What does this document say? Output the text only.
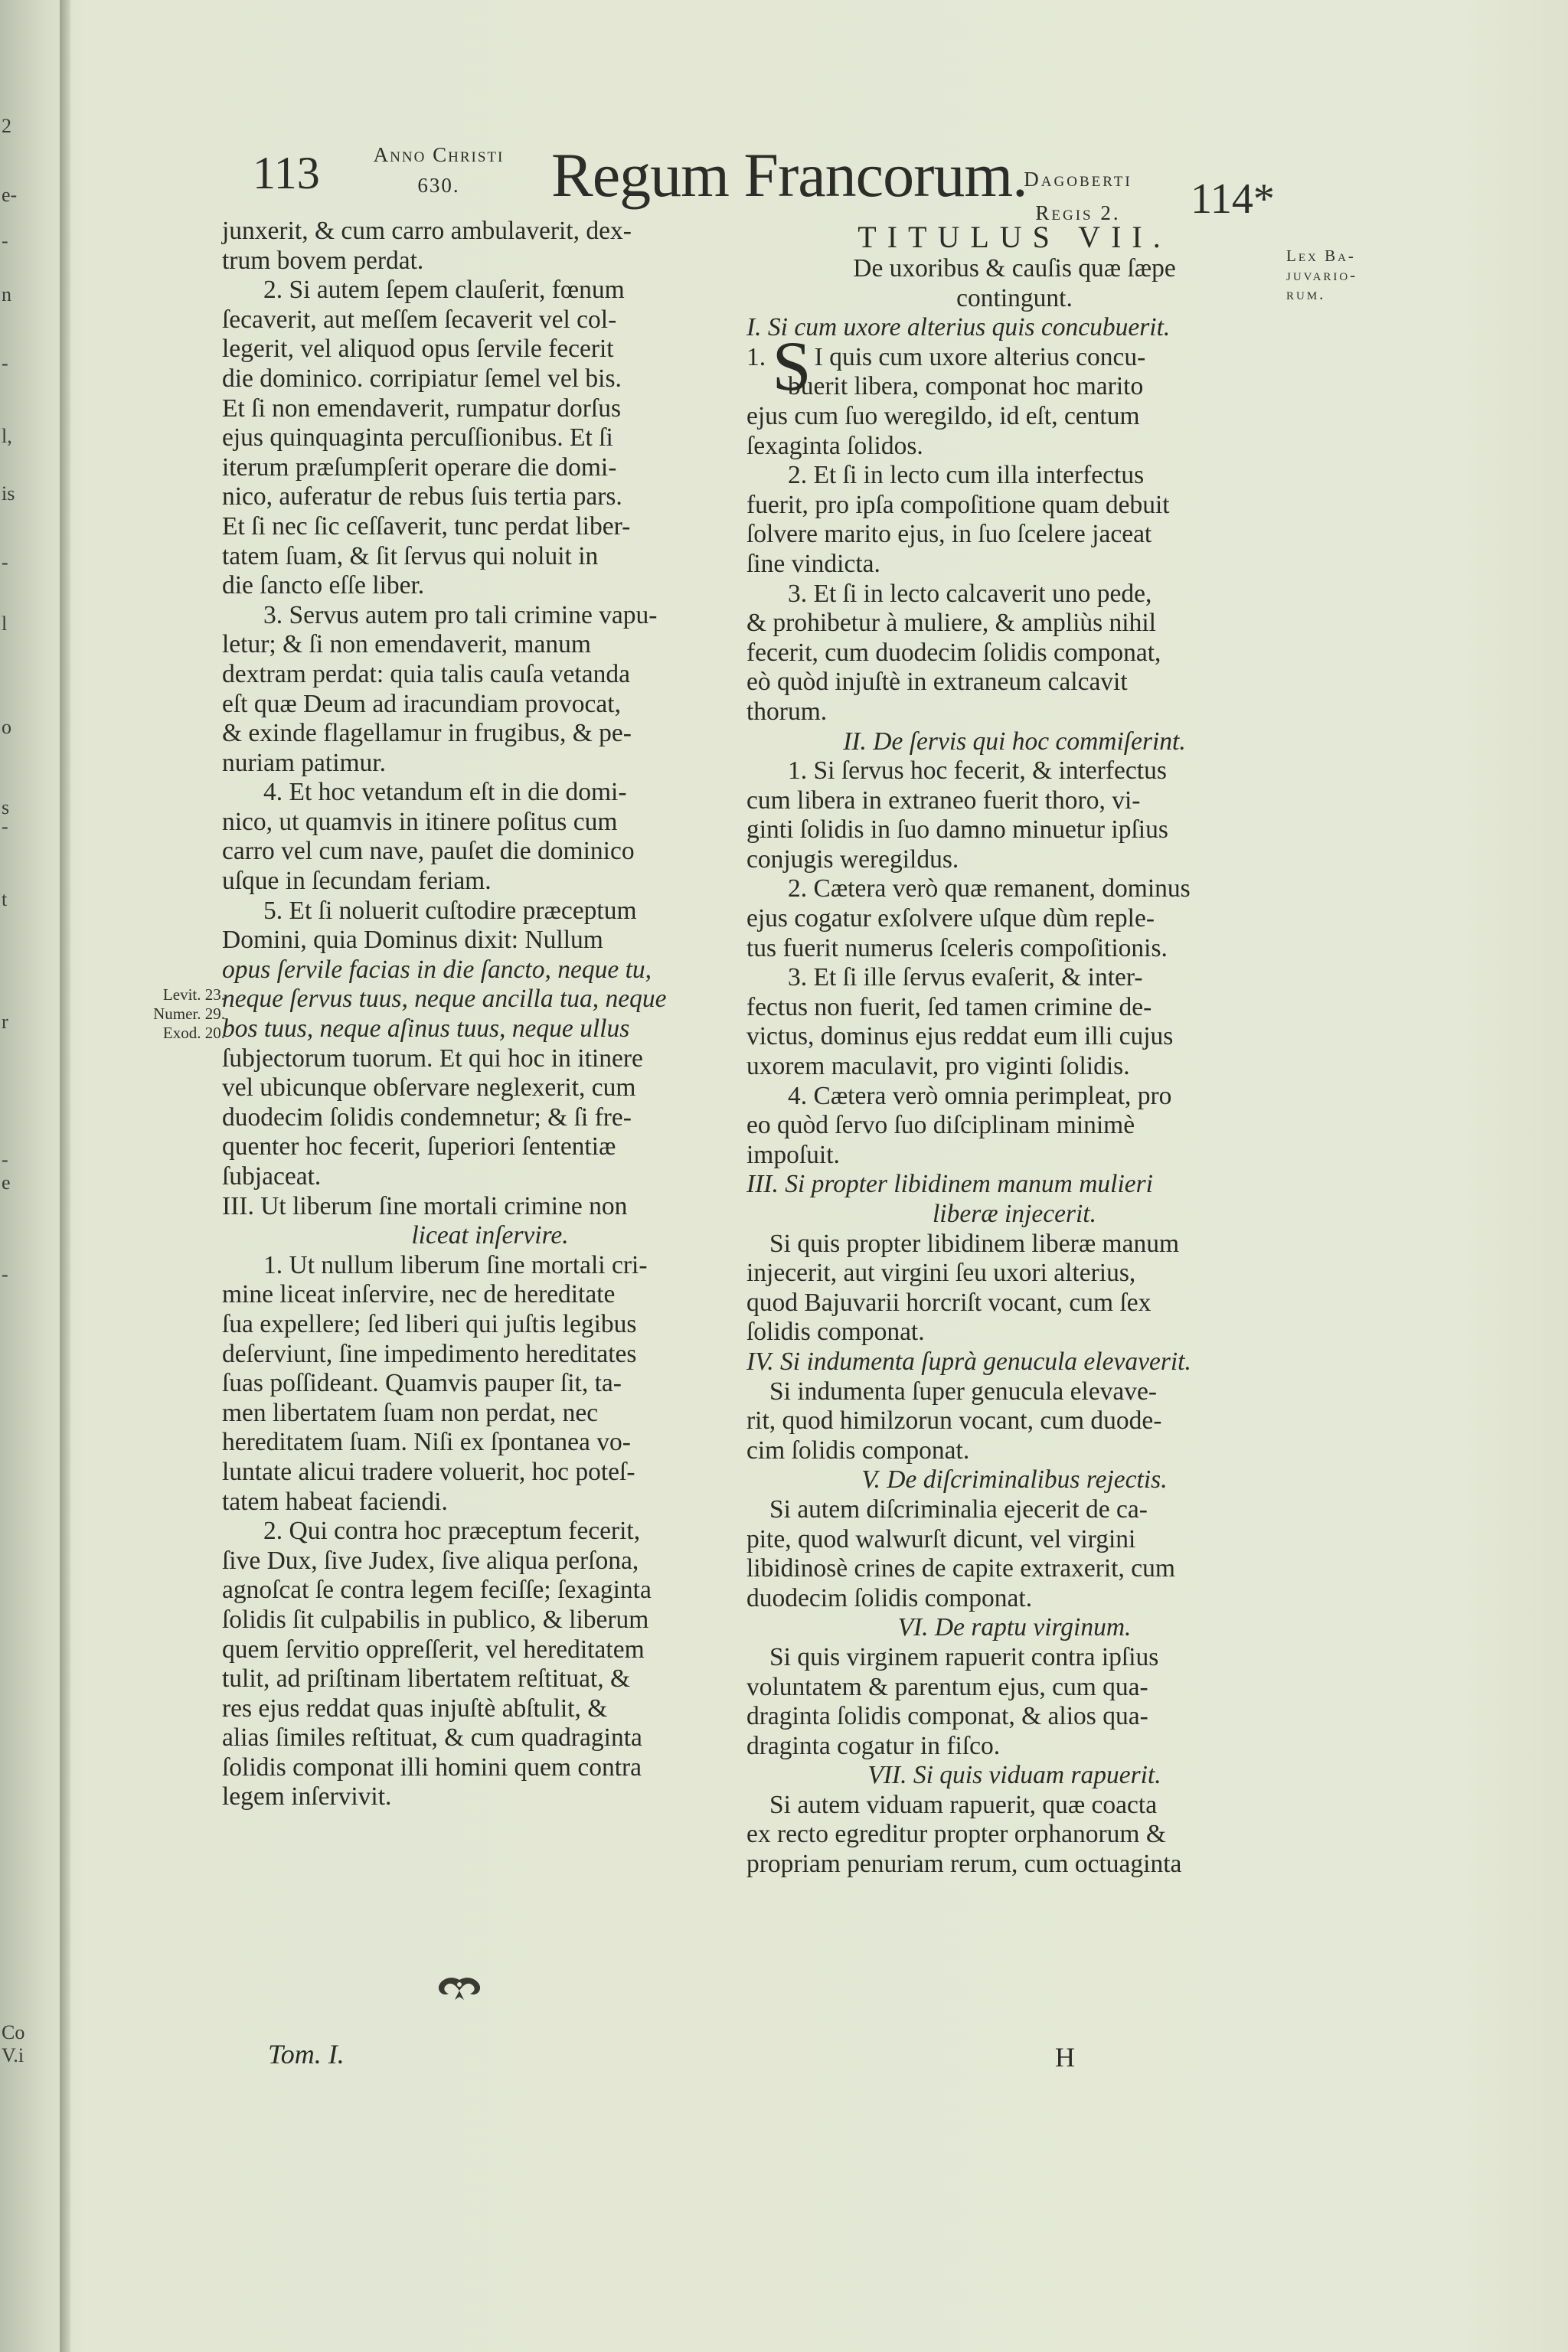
2
e-
-
n
-
l,
is
-
l
o
s
-
t
r
-
e
-
Co
V.i
113	Anno Christi
630.	Regum Francorum.
Dagoberti
Regis 2.	114*
Levit. 23.
Numer. 29.
Exod. 20.
Lex Ba-
juvario-
rum.
junxerit, & cum carro ambulaverit, dex-
trum bovem perdat.
2. Si autem ſepem clauſerit, fœnum
ſecaverit, aut meſſem ſecaverit vel col-
legerit, vel aliquod opus ſervile fecerit
die dominico. corripiatur ſemel vel bis.
Et ſi non emendaverit, rumpatur dorſus
ejus quinquaginta percuſſionibus. Et ſi
iterum præſumpſerit operare die domi-
nico, auferatur de rebus ſuis tertia pars.
Et ſi nec ſic ceſſaverit, tunc perdat liber-
tatem ſuam, & ſit ſervus qui noluit in
die ſancto eſſe liber.
3. Servus autem pro tali crimine vapu-
letur; & ſi non emendaverit, manum
dextram perdat: quia talis cauſa vetanda
eſt quæ Deum ad iracundiam provocat,
& exinde flagellamur in frugibus, & pe-
nuriam patimur.
4. Et hoc vetandum eſt in die domi-
nico, ut quamvis in itinere poſitus cum
carro vel cum nave, pauſet die dominico
uſque in ſecundam feriam.
5. Et ſi noluerit cuſtodire præceptum
Domini, quia Dominus dixit: Nullum
opus ſervile facias in die ſancto, neque tu,
neque ſervus tuus, neque ancilla tua, neque
bos tuus, neque aſinus tuus, neque ullus
ſubjectorum tuorum. Et qui hoc in itinere
vel ubicunque obſervare neglexerit, cum
duodecim ſolidis condemnetur; & ſi fre-
quenter hoc fecerit, ſuperiori ſententiæ
ſubjaceat.
III. Ut liberum ſine mortali crimine non
liceat inſervire.
1. Ut nullum liberum ſine mortali cri-
mine liceat inſervire, nec de hereditate
ſua expellere; ſed liberi qui juſtis legibus
deſerviunt, ſine impedimento hereditates
ſuas poſſideant. Quamvis pauper ſit, ta-
men libertatem ſuam non perdat, nec
hereditatem ſuam. Niſi ex ſpontanea vo-
luntate alicui tradere voluerit, hoc poteſ-
tatem habeat faciendi.
2. Qui contra hoc præceptum fecerit,
ſive Dux, ſive Judex, ſive aliqua perſona,
agnoſcat ſe contra legem feciſſe; ſexaginta
ſolidis ſit culpabilis in publico, & liberum
quem ſervitio oppreſſerit, vel hereditatem
tulit, ad priſtinam libertatem reſtituat, &
res ejus reddat quas injuſtè abſtulit, &
alias ſimiles reſtituat, & cum quadraginta
ſolidis componat illi homini quem contra
legem inſervivit.
TITULUS VII.
De uxoribus & cauſis quæ ſæpe
contingunt.
I. Si cum uxore alterius quis concubuerit.
1. S I quis cum uxore alterius concu-
buerit libera, componat hoc marito
ejus cum ſuo weregildo, id eſt, centum
ſexaginta ſolidos.
2. Et ſi in lecto cum illa interfectus
fuerit, pro ipſa compoſitione quam debuit
ſolvere marito ejus, in ſuo ſcelere jaceat
ſine vindicta.
3. Et ſi in lecto calcaverit uno pede,
& prohibetur à muliere, & ampliùs nihil
fecerit, cum duodecim ſolidis componat,
eò quòd injuſtè in extraneum calcavit
thorum.
II. De ſervis qui hoc commiſerint.
1. Si ſervus hoc fecerit, & interfectus
cum libera in extraneo fuerit thoro, vi-
ginti ſolidis in ſuo damno minuetur ipſius
conjugis weregildus.
2. Cætera verò quæ remanent, dominus
ejus cogatur exſolvere uſque dùm reple-
tus fuerit numerus ſceleris compoſitionis.
3. Et ſi ille ſervus evaſerit, & inter-
fectus non fuerit, ſed tamen crimine de-
victus, dominus ejus reddat eum illi cujus
uxorem maculavit, pro viginti ſolidis.
4. Cætera verò omnia perimpleat, pro
eo quòd ſervo ſuo diſciplinam minimè
impoſuit.
III. Si propter libidinem manum mulieri
liberæ injecerit.
Si quis propter libidinem liberæ manum
injecerit, aut virgini ſeu uxori alterius,
quod Bajuvarii horcriſt vocant, cum ſex
ſolidis componat.
IV. Si indumenta ſuprà genucula elevaverit.
Si indumenta ſuper genucula elevave-
rit, quod himilzorun vocant, cum duode-
cim ſolidis componat.
V. De diſcriminalibus rejectis.
Si autem diſcriminalia ejecerit de ca-
pite, quod walwurſt dicunt, vel virgini
libidinosè crines de capite extraxerit, cum
duodecim ſolidis componat.
VI. De raptu virginum.
Si quis virginem rapuerit contra ipſius
voluntatem & parentum ejus, cum qua-
draginta ſolidis componat, & alios qua-
draginta cogatur in fiſco.
VII. Si quis viduam rapuerit.
Si autem viduam rapuerit, quæ coacta
ex recto egreditur propter orphanorum &
propriam penuriam rerum, cum octuaginta
Tom. I.	H
